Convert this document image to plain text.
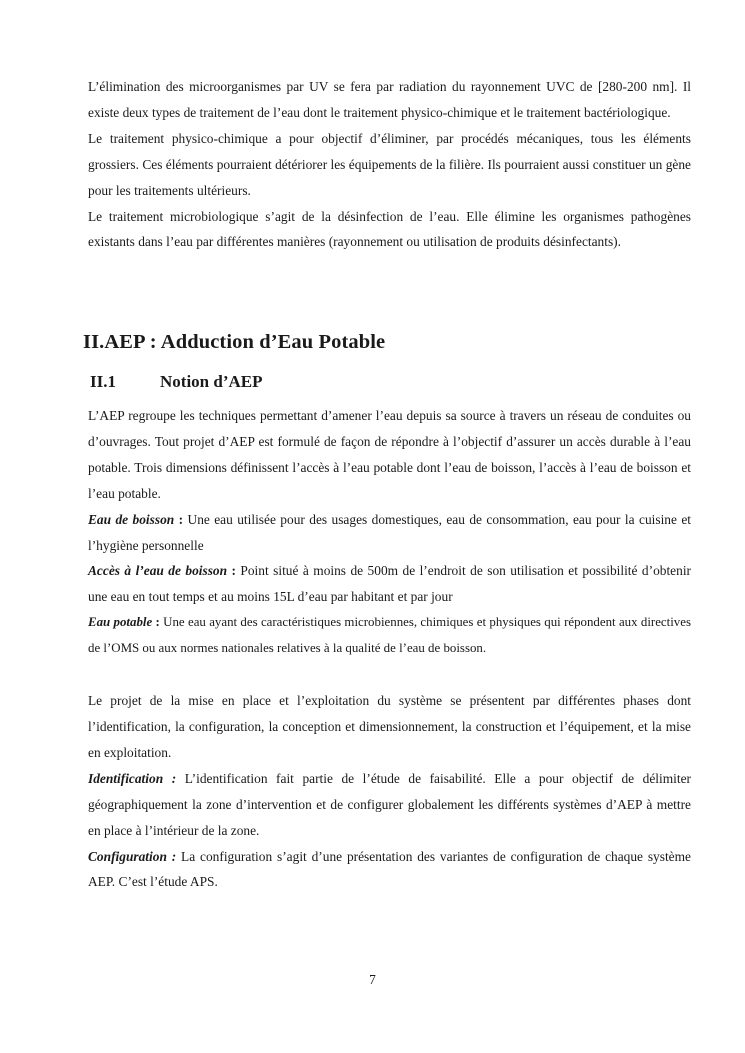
L’élimination des microorganismes par UV se fera par radiation du rayonnement UVC de [280-200 nm]. Il existe deux types de traitement de l’eau dont le traitement physico-chimique et le traitement bactériologique.

Le traitement physico-chimique a pour objectif d’éliminer, par procédés mécaniques, tous les éléments grossiers. Ces éléments pourraient détériorer les équipements de la filière. Ils pourraient aussi constituer un gène pour les traitements ultérieurs.

Le traitement microbiologique s’agit de la désinfection de l’eau. Elle élimine les organismes pathogènes existants dans l’eau par différentes manières (rayonnement ou utilisation de produits désinfectants).

II.AEP : Adduction d’Eau Potable
II.1	Notion d’AEP

L’AEP regroupe les techniques permettant d’amener l’eau depuis sa source à travers un réseau de conduites ou d’ouvrages. Tout projet d’AEP est formulé de façon de répondre à l’objectif d’assurer un accès durable à l’eau potable. Trois dimensions définissent l’accès à l’eau potable dont l’eau de boisson, l’accès à l’eau de boisson et l’eau potable.

Eau de boisson : Une eau utilisée pour des usages domestiques, eau de consommation, eau pour la cuisine et l’hygiène personnelle

Accès à l’eau de boisson : Point situé à moins de 500m de l’endroit de son utilisation et possibilité d’obtenir une eau en tout temps et au moins 15L d’eau par habitant et par jour

Eau potable : Une eau ayant des caractéristiques microbiennes, chimiques et physiques qui répondent aux directives de l’OMS ou aux normes nationales relatives à la qualité de l’eau de boisson.

Le projet de la mise en place et l’exploitation du système se présentent par différentes phases dont l’identification, la configuration, la conception et dimensionnement, la construction et l’équipement, et la mise en exploitation.

Identification : L’identification fait partie de l’étude de faisabilité. Elle a pour objectif de délimiter géographiquement la zone d’intervention et de configurer globalement les différents systèmes d’AEP à mettre en place à l’intérieur de la zone.

Configuration : La configuration s’agit d’une présentation des variantes de configuration de chaque système AEP. C’est l’étude APS.

7
